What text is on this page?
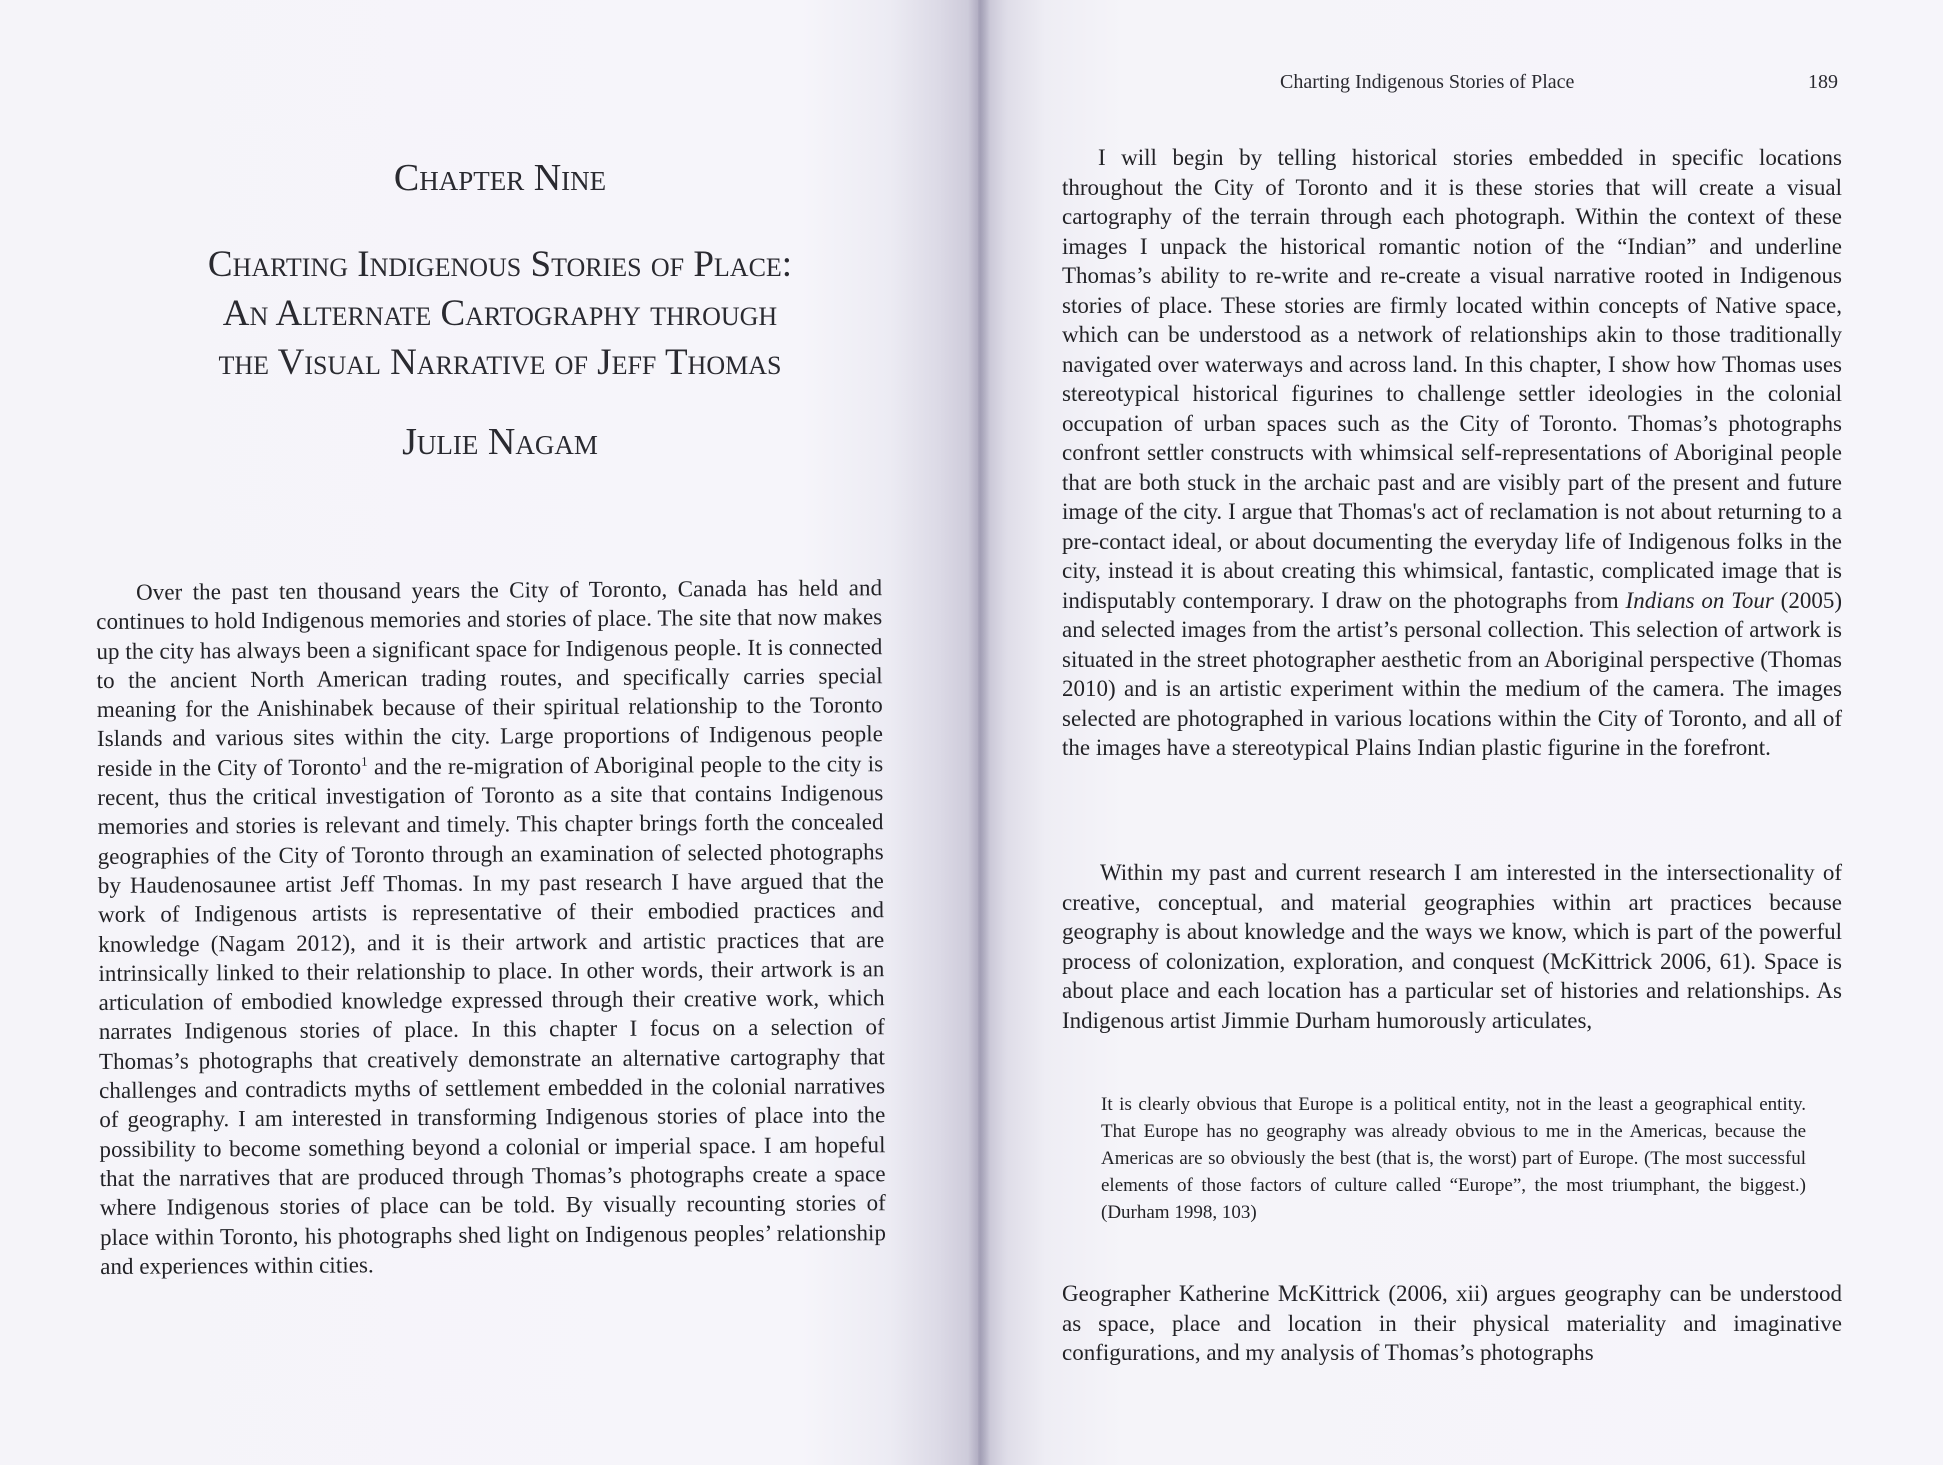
Chapter Nine
Charting Indigenous Stories of Place:
An Alternate Cartography through
the Visual Narrative of Jeff Thomas
Julie Nagam

Over the past ten thousand years the City of Toronto, Canada has held and continues to hold Indigenous memories and stories of place. The site that now makes up the city has always been a significant space for Indigenous people. It is connected to the ancient North American trading routes, and specifically carries special meaning for the Anishinabek because of their spiritual relationship to the Toronto Islands and various sites within the city. Large proportions of Indigenous people reside in the City of Toronto$^1$ and the re-migration of Aboriginal people to the city is recent, thus the critical investigation of Toronto as a site that contains Indigenous memories and stories is relevant and timely. This chapter brings forth the concealed geographies of the City of Toronto through an examination of selected photographs by Haudenosaunee artist Jeff Thomas. In my past research I have argued that the work of Indigenous artists is representative of their embodied practices and knowledge (Nagam 2012), and it is their artwork and artistic practices that are intrinsically linked to their relationship to place. In other words, their artwork is an articulation of embodied knowledge expressed through their creative work, which narrates Indigenous stories of place. In this chapter I focus on a selection of Thomas’s photographs that creatively demonstrate an alternative cartography that challenges and contradicts myths of settlement embedded in the colonial narratives of geography. I am interested in transforming Indigenous stories of place into the possibility to become something beyond a colonial or imperial space. I am hopeful that the narratives that are produced through Thomas’s photographs create a space where Indigenous stories of place can be told. By visually recounting stories of place within Toronto, his photographs shed light on Indigenous peoples’ relationship and experiences within cities.

Charting Indigenous Stories of Place	189

I will begin by telling historical stories embedded in specific locations throughout the City of Toronto and it is these stories that will create a visual cartography of the terrain through each photograph. Within the context of these images I unpack the historical romantic notion of the “Indian” and underline Thomas’s ability to re-write and re-create a visual narrative rooted in Indigenous stories of place. These stories are firmly located within concepts of Native space, which can be understood as a network of relationships akin to those traditionally navigated over waterways and across land. In this chapter, I show how Thomas uses stereotypical historical figurines to challenge settler ideologies in the colonial occupation of urban spaces such as the City of Toronto. Thomas’s photographs confront settler constructs with whimsical self-representations of Aboriginal people that are both stuck in the archaic past and are visibly part of the present and future image of the city. I argue that Thomas's act of reclamation is not about returning to a pre-contact ideal, or about documenting the everyday life of Indigenous folks in the city, instead it is about creating this whimsical, fantastic, complicated image that is indisputably contemporary. I draw on the photographs from Indians on Tour (2005) and selected images from the artist’s personal collection. This selection of artwork is situated in the street photographer aesthetic from an Aboriginal perspective (Thomas 2010) and is an artistic experiment within the medium of the camera. The images selected are photographed in various locations within the City of Toronto, and all of the images have a stereotypical Plains Indian plastic figurine in the forefront.

Within my past and current research I am interested in the intersectionality of creative, conceptual, and material geographies within art practices because geography is about knowledge and the ways we know, which is part of the powerful process of colonization, exploration, and conquest (McKittrick 2006, 61). Space is about place and each location has a particular set of histories and relationships. As Indigenous artist Jimmie Durham humorously articulates,

It is clearly obvious that Europe is a political entity, not in the least a geographical entity. That Europe has no geography was already obvious to me in the Americas, because the Americas are so obviously the best (that is, the worst) part of Europe. (The most successful elements of those factors of culture called “Europe”, the most triumphant, the biggest.) (Durham 1998, 103)

Geographer Katherine McKittrick (2006, xii) argues geography can be understood as space, place and location in their physical materiality and imaginative configurations, and my analysis of Thomas’s photographs
